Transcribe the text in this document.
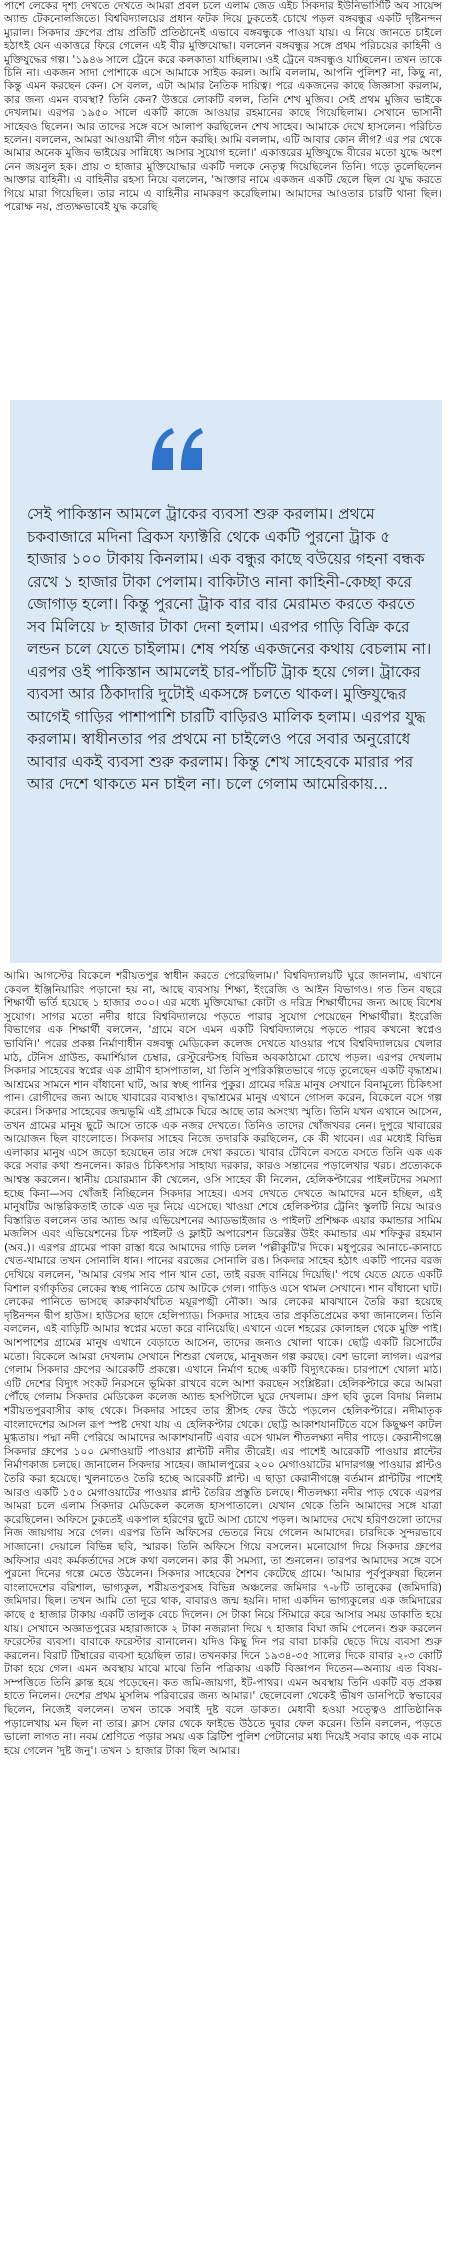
পাশে লেকের দৃশ্য দেখতে দেখতে আমরা প্রবল চলে এলাম জেড এইচ সিকদার ইউনিভার্সিটি অব সায়েন্স অ্যান্ড টেকনোলজিতে। বিশ্ববিদ্যালয়ের প্রধান ফটক দিয়ে ঢুকতেই চোখে পড়ল বঙ্গবন্ধুর একটি দৃষ্টিনন্দন ম্যুরাল। সিকদার গ্রুপের প্রায় প্রতিটি প্রতিষ্ঠানেই এভাবে বঙ্গবন্ধুকে পাওয়া যায়। এ নিয়ে জানতে চাইলে হঠাৎই যেন একাত্তরে ফিরে গেলেন এই বীর মুক্তিযোদ্ধা। বললেন বঙ্গবন্ধুর সঙ্গে প্রথম পরিচয়ের কাহিনী ও মুক্তিযুদ্ধের গল্প। '১৯৪৬ সালে ট্রেনে করে কলকাতা যাচ্ছিলাম। ওই ট্রেনে বঙ্গবন্ধুও যাচ্ছিলেন। তখন তাকে চিনি না। একজন সাদা পোশাকে এসে আমাকে সাইড করল। আমি বললাম, আপনি পুলিশ? না, কিছু না, কিন্তু এমন করছেন কেন। সে বলল, এটা আমার নৈতিক দায়িত্ব। পরে একজনের কাছে জিজ্ঞাসা করলাম, কার জন্য এমন ব্যবস্থা? তিনি কেন? উত্তরে লোকটি বলল, তিনি শেখ মুজিব। সেই প্রথম মুজিব ভাইকে দেখলাম। এরপর ১৯৫০ সালে একটি কাজে আওয়ার রহমানের কাছে গিয়েছিলাম। সেখানে ভাসানী সাহেবও ছিলেন। আর তাদের সঙ্গে বসে আলাপ করছিলেন শেখ সাহেব। আমাকে দেখে হাসলেন। পরিচিত হলেন। বললেন, আমরা আওয়ামী লীগ গঠন করছি। আমি বললাম, এটি আবার কোন লীগ? এর পর থেকে আমার অনেক মুজিব ভাইয়ের সান্নিধ্যে আসার সুযোগ হলো।' একাত্তরের মুক্তিযুদ্ধে বীরের মতো যুদ্ধে অংশ নেন জয়নুল হক। প্রায় ৩ হাজার মুক্তিযোদ্ধার একটি দলকে নেতৃত্ব দিয়েছিলেন তিনি। গড়ে তুলেছিলেন আক্তার বাহিনী। এ বাহিনীর রহস্য নিয়ে বললেন, 'আক্তার নামে একজন একটি ছেলে ছিল যে যুদ্ধ করতে গিয়ে মারা গিয়েছিল। তার নামে এ বাহিনীর নামকরণ করেছিলাম। আমাদের আওতার চারটি থানা ছিল। পরোক্ষ নয়, প্রত্যক্ষভাবেই যুদ্ধ করেছি

সেই পাকিস্তান আমলে ট্রাকের ব্যবসা শুরু করলাম। প্রথমে চকবাজারে মদিনা ব্রিকস ফ্যাক্টরি থেকে একটি পুরনো ট্রাক ৫ হাজার ১০০ টাকায় কিনলাম। এক বন্ধুর কাছে বউয়ের গহনা বন্ধক রেখে ১ হাজার টাকা পেলাম। বাকিটাও নানা কাহিনী-কেচ্ছা করে জোগাড় হলো। কিন্তু পুরনো ট্রাক বার বার মেরামত করতে করতে সব মিলিয়ে ৮ হাজার টাকা দেনা হলাম। এরপর গাড়ি বিক্রি করে লন্ডন চলে যেতে চাইলাম। শেষ পর্যন্ত একজনের কথায় বেচলাম না। এরপর ওই পাকিস্তান আমলেই চার-পাঁচটি ট্রাক হয়ে গেল। ট্রাকের ব্যবসা আর ঠিকাদারি দুটোই একসঙ্গে চলতে থাকল। মুক্তিযুদ্ধের আগেই গাড়ির পাশাপাশি চারটি বাড়িরও মালিক হলাম। এরপর যুদ্ধ করলাম। স্বাধীনতার পর প্রথমে না চাইলেও পরে সবার অনুরোধে আবার একই ব্যবসা শুরু করলাম। কিন্তু শেখ সাহেবকে মারার পর আর দেশে থাকতে মন চাইল না। চলে গেলাম আমেরিকায়...

আমি। আগস্টের বিকেলে শরীয়তপুর স্বাধীন করতে পেরেছিলাম।' বিশ্ববিদ্যালয়টি ঘুরে জানলাম, এখানে কেবল ইঞ্জিনিয়ারিং পড়ানো হয় না, আছে ব্যবসায় শিক্ষা, ইংরেজি ও আইন বিভাগও। গত তিন বছরে শিক্ষার্থী ভর্তি হয়েছে ১ হাজার ৩০০। এর মধ্যে মুক্তিযোদ্ধা কোটা ও দরিদ্র শিক্ষার্থীদের জন্য আছে বিশেষ সুযোগ। সাগর মতো নদীর ধারে বিশ্ববিদ্যালয়ে পড়তে পারার সুযোগ পেয়েছেন শিক্ষার্থীরা। ইংরেজি বিভাগের এক শিক্ষার্থী বললেন, 'গ্রামে বসে এমন একটি বিশ্ববিদ্যালয়ে পড়তে পারব কখনো স্বপ্নেও ভাবিনি।' পরের প্রকল্প নির্মাণাধীন বঙ্গবন্ধু মেডিকেল কলেজ দেখতে যাওয়ার পথে বিশ্ববিদ্যালয়ের খেলার মাঠ, টেনিস গ্রাউন্ড, কমার্শিয়াল চেম্বার, রেস্টুরেন্টসহ বিভিন্ন অবকাঠামো চোখে পড়ল। এরপর দেখলাম সিকদার সাহেবের স্বপ্নের এক গ্রামীণ হাসপাতাল, যা তিনি সুপরিকল্পিতভাবে গড়ে তুলেছেন একটি বৃদ্ধাশ্রম। আশ্রমের সামনে শান বাঁধানো ঘাট, আর স্বচ্ছ পানির পুকুর। গ্রামের দরিদ্র মানুষ সেখানে বিনামূল্যে চিকিৎসা পান। রোগীদের জন্য আছে খাবারের ব্যবস্থাও। বৃদ্ধাশ্রমের মানুষ এখানে গোসল করেন, বিকেলে বসে গল্প করেন। সিকদার সাহেবের জন্মভূমি এই গ্রামকে ঘিরে আছে তার অসংখ্য স্মৃতি। তিনি যখন এখানে আসেন, তখন গ্রামের মানুষ ছুটে আসে তাকে এক নজর দেখতে। তিনিও তাদের খোঁজখবর নেন। দুপুরে খাবারের আয়োজন ছিল বাংলোতে। সিকদার সাহেব নিজে তদারকি করছিলেন, কে কী খাবেন। এর মধ্যেই বিভিন্ন এলাকার মানুষ এসে জড়ো হয়েছেন তার সঙ্গে দেখা করতে। খাবার টেবিলে বসতে বসতে তিনি এক এক করে সবার কথা শুনলেন। কারও চিকিৎসার সাহায্য দরকার, কারও সন্তানের পড়ালেখার খরচ। প্রত্যেককে আশ্বস্ত করলেন। স্থানীয় চেয়ারম্যান কী খেলেন, ওসি সাহেব কী নিলেন, হেলিকপ্টারের পাইলটদের সমস্যা হচ্ছে কিনা—সব খোঁজই নিচ্ছিলেন সিকদার সাহেব। এসব দেখতে দেখতে আমাদের মনে হচ্ছিল, এই মানুষটির আন্তরিকতাই তাকে এত দূর নিয়ে এসেছে। খাওয়া শেষে হেলিকপ্টার ট্রেনিং স্কুলটি নিয়ে আরও বিস্তারিত বললেন তার অ্যান্ড আর এভিয়েশনের অ্যাডভাইজার ও পাইলট প্রশিক্ষক এয়ার কমান্ডার সামিম মজলিস এবং এভিয়েশনের চিফ পাইলট ও ফ্লাইট অপারেশন ডিরেক্টর উইং কমান্ডার এম শফিকুর রহমান (অব.)। এরপর গ্রামের পাকা রাস্তা ধরে আমাদের গাড়ি চলল 'পল্লীকুটি'র দিকে। মধুপুরের আনাচে-কানাচে খেত-খামারে তখন সোনালি ধান। পানের বরজের সোনালি রঙ। সিকদার সাহেব হঠাৎ একটি পানের বরজ দেখিয়ে বললেন, 'আমার বেগম সাব পান খান তো, তাই বরজ বানিয়ে দিয়েছি।' পথে যেতে যেতে একটি বিশাল বর্গাকৃতির লেকের স্বচ্ছ পানিতে চোখ আটকে গেল। গাড়িও এসে থামল সেখানে। শান বাঁধানো ঘাট। লেকের পানিতে ভাসছে কারুকার্যখচিত ময়ূরপঙ্খী নৌকা। আর লেকের মাঝখানে তৈরি করা হয়েছে দৃষ্টিনন্দন দ্বীপ হাউস। হাউসের ছাদে হেলিপ্যাড। সিকদার সাহেব তার প্রকৃতিপ্রেমের কথা জানালেন। তিনি বললেন, এই বাড়িটি আমার স্বপ্নের মতো করে বানিয়েছি। এখানে এলে শহরের কোলাহল থেকে মুক্তি পাই। আশপাশের গ্রামের মানুষ এখানে বেড়াতে আসেন, তাদের জন্যও খোলা থাকে। ছোট্ট একটি রিসোর্টের মতো। বিকেলে আমরা দেখলাম সেখানে শিশুরা খেলছে, মানুষজন গল্প করছে। বেশ ভালো লাগল। এরপর গেলাম সিকদার গ্রুপের আরেকটি প্রকল্পে। এখানে নির্মাণ হচ্ছে একটি বিদ্যুৎকেন্দ্র। চারপাশে খোলা মাঠ। এটি দেশের বিদ্যুৎ সংকট নিরসনে ভূমিকা রাখবে বলে আশা করছেন সংশ্লিষ্টরা। হেলিকপ্টারে করে আমরা পৌঁছে গেলাম সিকদার মেডিকেল কলেজ অ্যান্ড হসপিটালে ঘুরে দেখলাম। গ্রুপ ছবি তুলে বিদায় নিলাম শরীয়তপুরবাসীর কাছ থেকে। সিকদার সাহেব তার স্ত্রীসহ ফের উঠে পড়লেন হেলিকপ্টারে। নদীমাতৃক বাংলাদেশের আসল রূপ স্পষ্ট দেখা যায় এ হেলিকপ্টার থেকে। ছোট্ট আকাশযানটিতে বসে কিছুক্ষণ কাটল মুগ্ধতায়। পদ্মা নদী পেরিয়ে আমাদের আকাশযানটি এবার এসে থামল শীতলক্ষ্যা নদীর পাড়ে। কেরানীগঞ্জে সিকদার গ্রুপের ১০০ মেগাওয়াট পাওয়ার প্লান্টটি নদীর তীরেই। এর পাশেই আরেকটি পাওয়ার প্লান্টের নির্মাণকাজ চলছে। জানালেন সিকদার সাহেব। জামালপুরের ২০০ মেগাওয়াটের মাদারগঞ্জ পাওয়ার প্লান্টও তৈরি করা হয়েছে। খুলনাতেও তৈরি হচ্ছে আরেকটি প্লান্ট। এ ছাড়া কেরানীগঞ্জে বর্তমান প্লান্টটির পাশেই আরও একটি ১৫০ মেগাওয়াটের পাওয়ার প্লান্ট তৈরির প্রস্তুতি চলছে। শীতলক্ষ্যা নদীর পাড় থেকে এরপর আমরা চলে এলাম সিকদার মেডিকেল কলেজ হাসপাতালে। যেখান থেকে তিনি আমাদের সঙ্গে যাত্রা করেছিলেন। অফিসে ঢুকতেই একপাল হরিণের ছুটে আসা চোখে পড়ল। আমাদের দেখে হরিণগুলো তাদের নিজ জায়গায় সরে গেল। এরপর তিনি অফিসের ভেতরে নিয়ে গেলেন আমাদের। চারদিকে সুন্দরভাবে সাজানো। দেয়ালে বিভিন্ন ছবি, স্মারক। তিনি অফিসে গিয়ে বসলেন। মনোযোগ দিয়ে সিকদার গ্রুপের অফিসার এবং কর্মকর্তাদের সঙ্গে কথা বললেন। কার কী সমস্যা, তা শুনলেন। তারপর আমাদের সঙ্গে বসে পুরনো দিনের গল্পে মেতে উঠলেন। সিকদার সাহেবের শৈশব কেটেছে গ্রামে। 'আমার পূর্বপুরুষরা ছিলেন বাংলাদেশের বরিশাল, ভাগ্যকুল, শরীয়তপুরসহ বিভিন্ন অঞ্চলের জমিদার ৭-৮টি তালুকের (জমিদারি) জমিদার। ছিল। তখন আমি তো দূরে থাক, বাবারও জন্ম হয়নি। দাদা একদিন ভাগ্যকুলের এক জমিদারের কাছে ৫ হাজার টাকায় একটি তালুক বেচে দিলেন। সে টাকা নিয়ে স্টিমারে করে আসার সময় ডাকাতি হয়ে যায়। সেখানে অজ্ঞাতপুরের মহারাজাকে ২ টাকা নজরানা দিয়ে ৭ হাজার বিঘা জমি পেলেন। শুরু করলেন ফরেস্টের ব্যবসা। বাবাকে ফরেস্টার বানালেন। যদিও কিছু দিন পর বাবা চাকরি ছেড়ে দিয়ে ব্যবসা শুরু করলেন। বিরাট টিম্বারের ব্যবসা হয়েছিল তার। তখনকার দিনে ১৯৩৪-৩৫ সালের দিকে বাবার ২-৩ কোটি টাকা হয়ে গেল। এমন অবস্থায় মাঝে মাঝে তিনি পত্রিকায় একটি বিজ্ঞাপন দিতেন—অন্যায় এত বিষয়-সম্পত্তিতে তিনি ক্লান্ত হয়ে পড়েছেন। কত জমি-জায়গা, ইট-পাথর। এমন অবস্থায় তিনি একটি বড় প্রকল্প হাতে নিলেন। দেশের প্রথম মুসলিম পরিবারের জন্য আমার।' ছেলেবেলা থেকেই ভীষণ ডানপিটে স্বভাবের ছিলেন, নিজেই বললেন। তখন তাকে সবাই দুষ্ট বলে ডাকত। মেধাবী হওয়া সত্ত্বেও প্রাতিষ্ঠানিক পড়ালেখায় মন ছিল না তার। ক্লাস ফোর থেকে ফাইভে উঠতে দুবার ফেল করেন। তিনি বললেন, পড়তে ভালো লাগত না। নবম শ্রেণিতে পড়ার সময় এক ব্রিটিশ পুলিশ পেটানোর মধ্য দিয়েই সবার কাছে এক নামে হয়ে গেলেন 'দুষ্ট জনু'। তখন ১ হাজার টাকা ছিল আমার।
